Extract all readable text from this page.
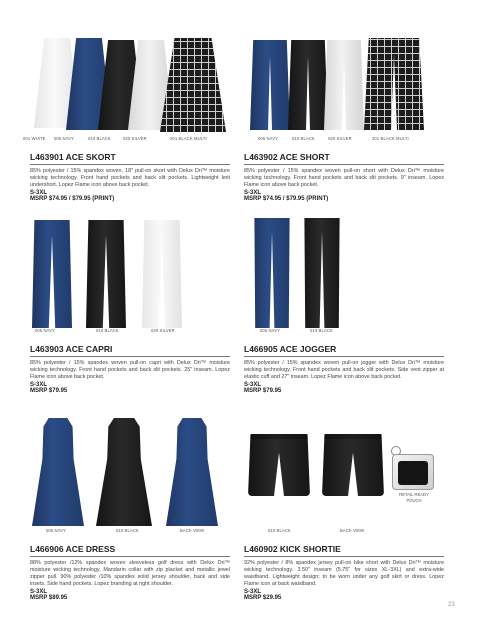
001 WHITE 005 NAVY	010 BLACK	020 SILVER	201 BLACK MULTI
L463901 ACE SKORT
85% polyester / 15% spandex woven, 18" pull-on skort with Delux Dri™ moisture wicking technology. Front hand pockets and back slit pockets. Lightweight knit undershort. Lopez Flame icon above back pocket.
S-3XL
MSRP $74.95 / $79.95 (PRINT)
005 NAVY	010 BLACK	020 SILVER	201 BLACK MULTI
L463902 ACE SHORT
85% polyester / 15% spandex woven pull-on short with Delux Dri™ moisture wicking technology. Front hand pockets and back slit pockets. 9" inseam. Lopez Flame icon above back pocket.
S-3XL
MSRP $74.95 / $79.95 (PRINT)
005 NAVY	010 BLACK	020 SILVER
L463903 ACE CAPRI
85% polyester / 15% spandex woven pull-on capri with Delux Dri™ moisture wicking technology. Front hand pockets and back slit pockets. 25" inseam. Lopez Flame icon above back pocket.
S-3XL
MSRP $79.95
005 NAVY	010 BLACK
L466905 ACE JOGGER
85% polyester / 15% spandex woven pull-on jogger with Delux Dri™ moisture wicking technology. Front hand pockets and back slit pockets. Side vent zipper at elastic cuff and 27" inseam. Lopez Flame icon above back pocket.
S-3XL
MSRP $79.95
005 NAVY	010 BLACK	BACK VIEW
L466906 ACE DRESS
88% polyester /12% spandex woven sleeveless golf dress with Delux Dri™ moisture wicking technology. Mandarin collar with zip placket and metallic jewel zipper pull. 90% polyester /10% spandex solid jersey shoulder, back and side insets. Side hand pockets. Lopez branding at right shoulder.
S-3XL
MSRP $89.95
RETAIL READY POUCH
010 BLACK	BACK VIEW
L460902 KICK SHORTIE
92% polyester / 8% spandex jersey pull-on bike short with Delux Dri™ moisture wicking technology. 3.50" inseam (5.75" for sizes XL-3XL) and extra-wide waistband. Lightweight design; to be worn under any golf skirt or dress. Lopez Flame icon at back waistband.
S-3XL
MSRP $29.95
23
